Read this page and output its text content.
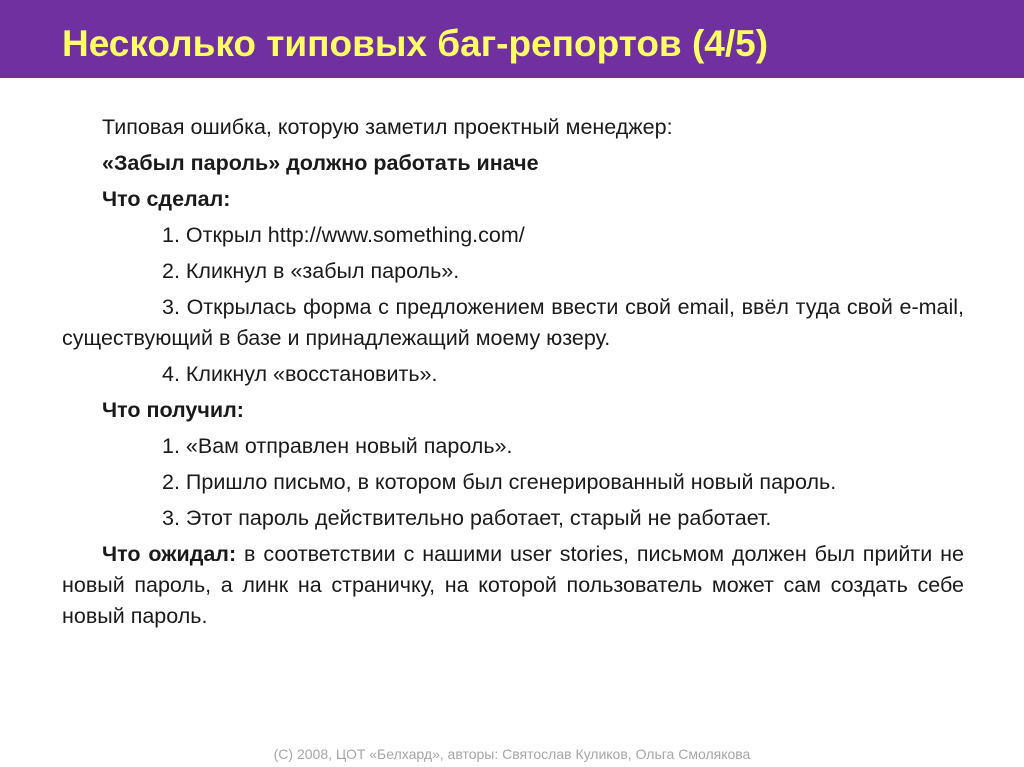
Несколько типовых баг-репортов (4/5)

Типовая ошибка, которую заметил проектный менеджер:

«Забыл пароль» должно работать иначе

Что сделал:

1. Открыл http://www.something.com/

2. Кликнул в «забыл пароль».

3. Открылась форма с предложением ввести свой email, ввёл туда свой e-mail, существующий в базе и принадлежащий моему юзеру.

4. Кликнул «восстановить».

Что получил:

1. «Вам отправлен новый пароль».

2. Пришло письмо, в котором был сгенерированный новый пароль.

3. Этот пароль действительно работает, старый не работает.

Что ожидал: в соответствии с нашими user stories, письмом должен был прийти не новый пароль, а линк на страничку, на которой пользователь может сам создать себе новый пароль.

(С) 2008, ЦОТ «Белхард», авторы: Святослав Куликов, Ольга Смолякова
